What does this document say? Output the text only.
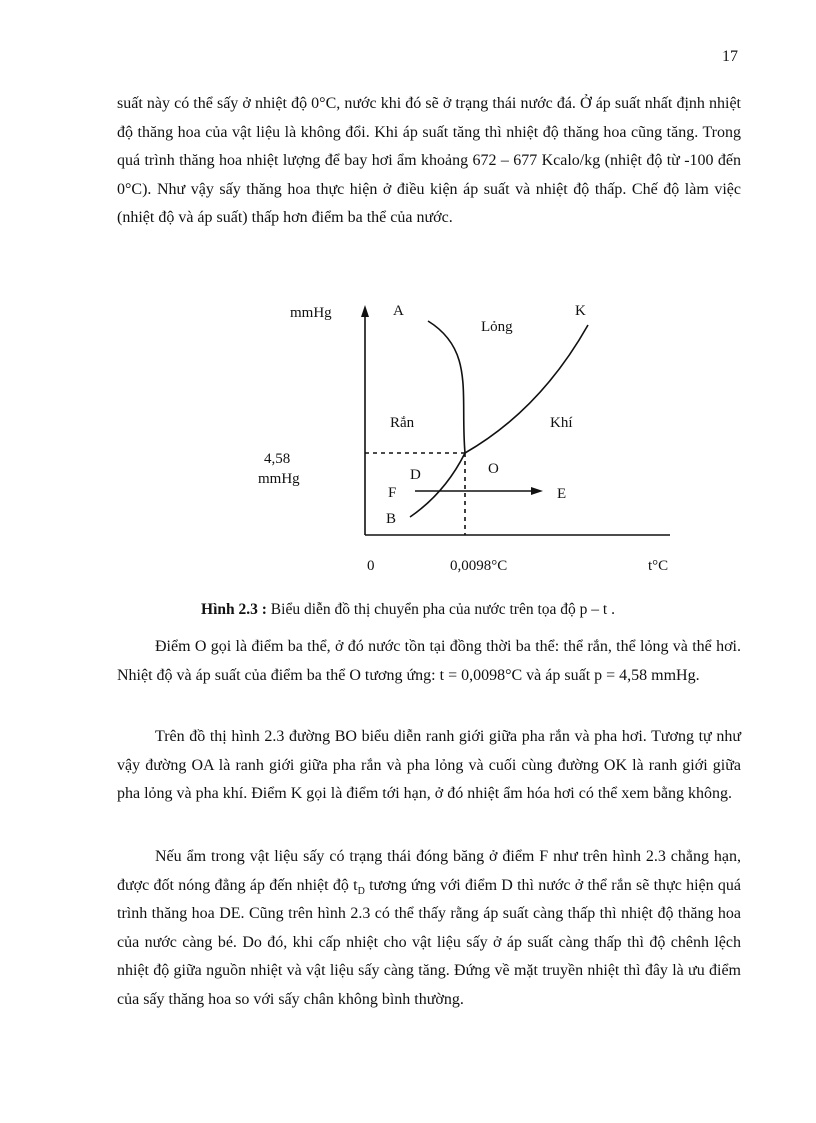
17

suất này có thể sấy ở nhiệt độ 0°C, nước khi đó sẽ ở trạng thái nước đá. Ở áp suất nhất định nhiệt độ thăng hoa của vật liệu là không đổi. Khi áp suất tăng thì nhiệt độ thăng hoa cũng tăng. Trong quá trình thăng hoa nhiệt lượng để bay hơi ẩm khoảng 672 – 677 Kcalo/kg (nhiệt độ từ -100 đến 0°C). Như vậy sấy thăng hoa thực hiện ở điều kiện áp suất và nhiệt độ thấp. Chế độ làm việc (nhiệt độ và áp suất) thấp hơn điểm ba thể của nước.

mmHg	A
Lỏng
K
Rắn	Khí
4,58
mmHg	D	O
F	E
B
0	0,0098°C	t°C

Hình 2.3 : Biểu diễn đồ thị chuyển pha của nước trên tọa độ p – t .

Điểm O gọi là điểm ba thể, ở đó nước tồn tại đồng thời ba thể: thể rắn, thể lỏng và thể hơi. Nhiệt độ và áp suất của điểm ba thể O tương ứng: t = 0,0098°C và áp suất p = 4,58 mmHg.

Trên đồ thị hình 2.3 đường BO biểu diễn ranh giới giữa pha rắn và pha hơi. Tương tự như vậy đường OA là ranh giới giữa pha rắn và pha lỏng và cuối cùng đường OK là ranh giới giữa pha lỏng và pha khí. Điểm K gọi là điểm tới hạn, ở đó nhiệt ẩm hóa hơi có thể xem bằng không.

Nếu ẩm trong vật liệu sấy có trạng thái đóng băng ở điểm F như trên hình 2.3 chẳng hạn, được đốt nóng đẳng áp đến nhiệt độ $t_D$ tương ứng với điểm D thì nước ở thể rắn sẽ thực hiện quá trình thăng hoa DE. Cũng trên hình 2.3 có thể thấy rằng áp suất càng thấp thì nhiệt độ thăng hoa của nước càng bé. Do đó, khi cấp nhiệt cho vật liệu sấy ở áp suất càng thấp thì độ chênh lệch nhiệt độ giữa nguồn nhiệt và vật liệu sấy càng tăng. Đứng về mặt truyền nhiệt thì đây là ưu điểm của sấy thăng hoa so với sấy chân không bình thường.
